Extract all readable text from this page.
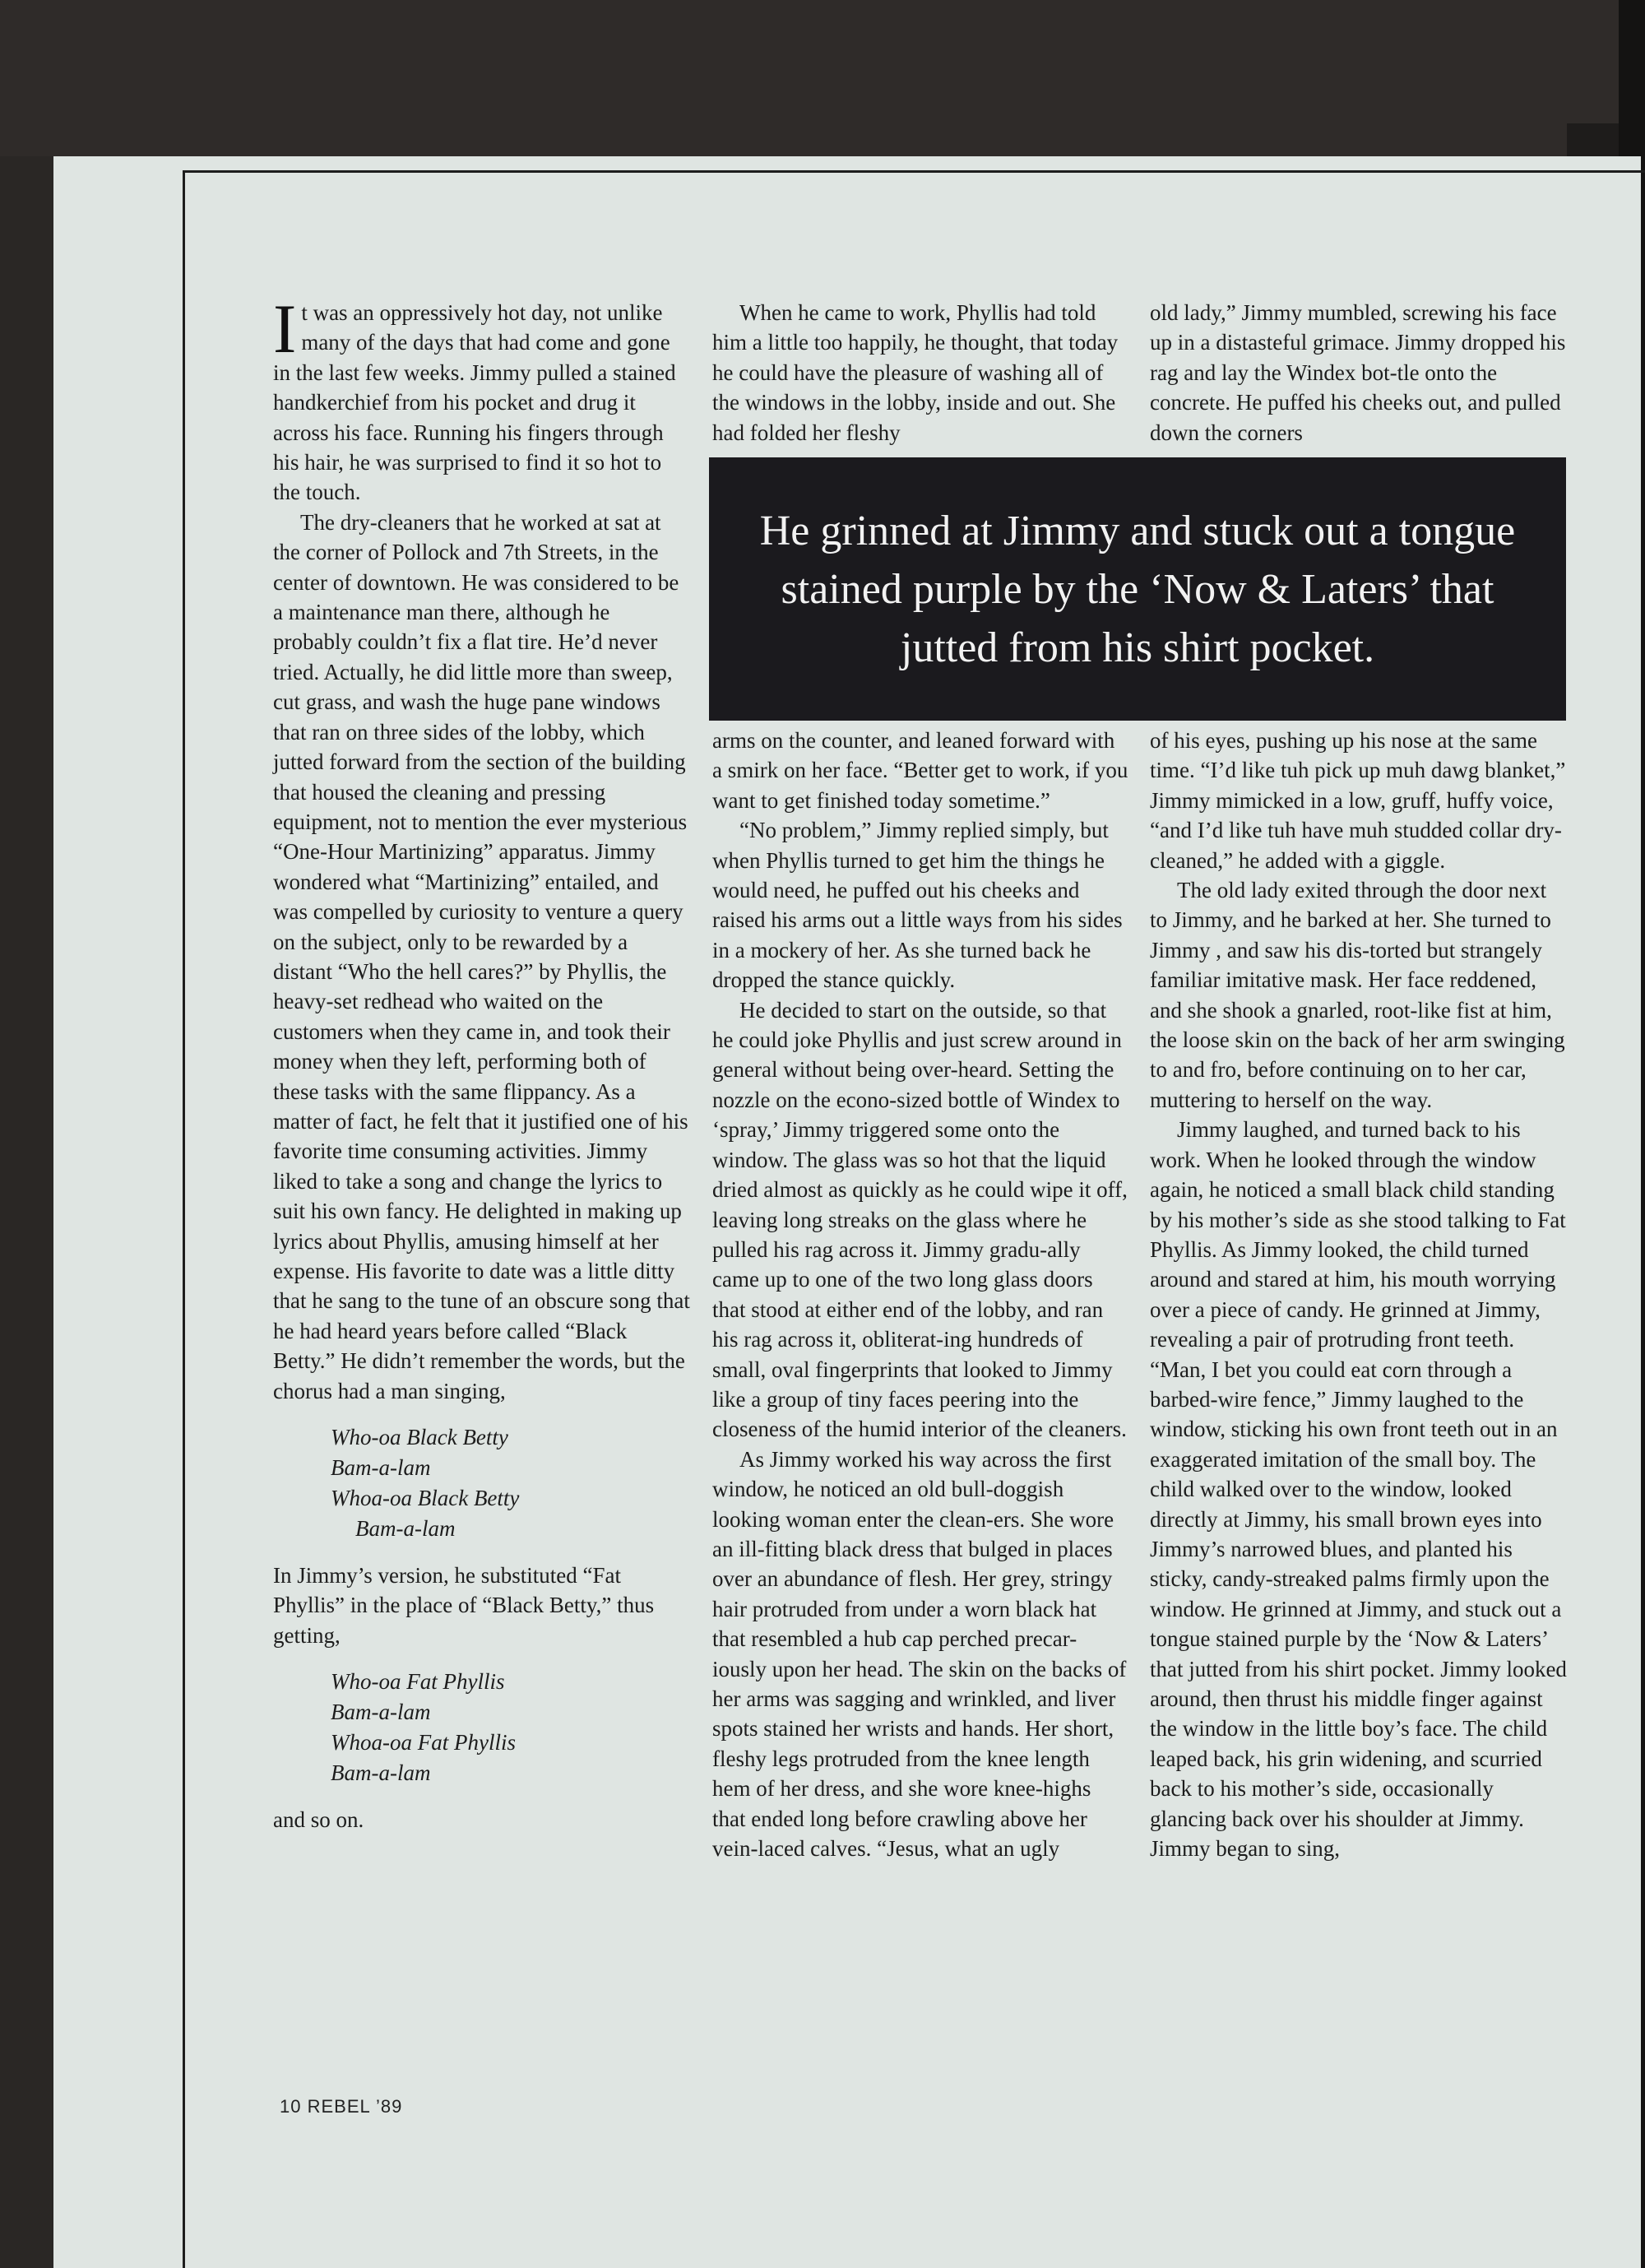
It was an oppressively hot day, not unlike many of the days that had come and gone in the last few weeks. Jimmy pulled a stained handkerchief from his pocket and drug it across his face. Running his fingers through his hair, he was surprised to find it so hot to the touch.

The dry-cleaners that he worked at sat at the corner of Pollock and 7th Streets, in the center of downtown. He was considered to be a maintenance man there, although he probably couldn’t fix a flat tire. He’d never tried. Actually, he did little more than sweep, cut grass, and wash the huge pane windows that ran on three sides of the lobby, which jutted forward from the section of the building that housed the cleaning and pressing equipment, not to mention the ever mysterious “One-Hour Martinizing” apparatus. Jimmy wondered what “Martinizing” entailed, and was compelled by curiosity to venture a query on the subject, only to be rewarded by a distant “Who the hell cares?” by Phyllis, the heavy-set redhead who waited on the customers when they came in, and took their money when they left, performing both of these tasks with the same flippancy. As a matter of fact, he felt that it justified one of his favorite time consuming activities. Jimmy liked to take a song and change the lyrics to suit his own fancy. He delighted in making up lyrics about Phyllis, amusing himself at her expense. His favorite to date was a little ditty that he sang to the tune of an obscure song that he had heard years before called “Black Betty.” He didn’t remember the words, but the chorus had a man singing,

Who-oa Black Betty
Bam-a-lam
Whoa-oa Black Betty
Bam-a-lam

In Jimmy’s version, he substituted “Fat Phyllis” in the place of “Black Betty,” thus getting,

Who-oa Fat Phyllis
Bam-a-lam
Whoa-oa Fat Phyllis
Bam-a-lam

and so on.

When he came to work, Phyllis had told him a little too happily, he thought, that today he could have the pleasure of washing all of the windows in the lobby, inside and out. She had folded her fleshy

arms on the counter, and leaned forward with a smirk on her face. “Better get to work, if you want to get finished today sometime.”

“No problem,” Jimmy replied simply, but when Phyllis turned to get him the things he would need, he puffed out his cheeks and raised his arms out a little ways from his sides in a mockery of her. As she turned back he dropped the stance quickly.

He decided to start on the outside, so that he could joke Phyllis and just screw around in general without being over-heard. Setting the nozzle on the econo-sized bottle of Windex to ‘spray,’ Jimmy triggered some onto the window. The glass was so hot that the liquid dried almost as quickly as he could wipe it off, leaving long streaks on the glass where he pulled his rag across it. Jimmy gradu-ally came up to one of the two long glass doors that stood at either end of the lobby, and ran his rag across it, obliterat-ing hundreds of small, oval fingerprints that looked to Jimmy like a group of tiny faces peering into the closeness of the humid interior of the cleaners.

As Jimmy worked his way across the first window, he noticed an old bull-doggish looking woman enter the clean-ers. She wore an ill-fitting black dress that bulged in places over an abundance of flesh. Her grey, stringy hair protruded from under a worn black hat that resembled a hub cap perched precar-iously upon her head. The skin on the backs of her arms was sagging and wrinkled, and liver spots stained her wrists and hands. Her short, fleshy legs protruded from the knee length hem of her dress, and she wore knee-highs that ended long before crawling above her vein-laced calves. “Jesus, what an ugly

old lady,” Jimmy mumbled, screwing his face up in a distasteful grimace. Jimmy dropped his rag and lay the Windex bot-tle onto the concrete. He puffed his cheeks out, and pulled down the corners

of his eyes, pushing up his nose at the same time. “I’d like tuh pick up muh dawg blanket,” Jimmy mimicked in a low, gruff, huffy voice, “and I’d like tuh have muh studded collar dry-cleaned,” he added with a giggle.

The old lady exited through the door next to Jimmy, and he barked at her. She turned to Jimmy , and saw his dis-torted but strangely familiar imitative mask. Her face reddened, and she shook a gnarled, root-like fist at him, the loose skin on the back of her arm swinging to and fro, before continuing on to her car, muttering to herself on the way.

Jimmy laughed, and turned back to his work. When he looked through the window again, he noticed a small black child standing by his mother’s side as she stood talking to Fat Phyllis. As Jimmy looked, the child turned around and stared at him, his mouth worrying over a piece of candy. He grinned at Jimmy, revealing a pair of protruding front teeth. “Man, I bet you could eat corn through a barbed-wire fence,” Jimmy laughed to the window, sticking his own front teeth out in an exaggerated imitation of the small boy. The child walked over to the window, looked directly at Jimmy, his small brown eyes into Jimmy’s narrowed blues, and planted his sticky, candy-streaked palms firmly upon the window. He grinned at Jimmy, and stuck out a tongue stained purple by the ‘Now & Laters’ that jutted from his shirt pocket. Jimmy looked around, then thrust his middle finger against the window in the little boy’s face. The child leaped back, his grin widening, and scurried back to his mother’s side, occasionally glancing back over his shoulder at Jimmy. Jimmy began to sing,

He grinned at Jimmy and stuck out a tongue stained purple by the ‘Now & Laters’ that jutted from his shirt pocket.
10 REBEL ’89
